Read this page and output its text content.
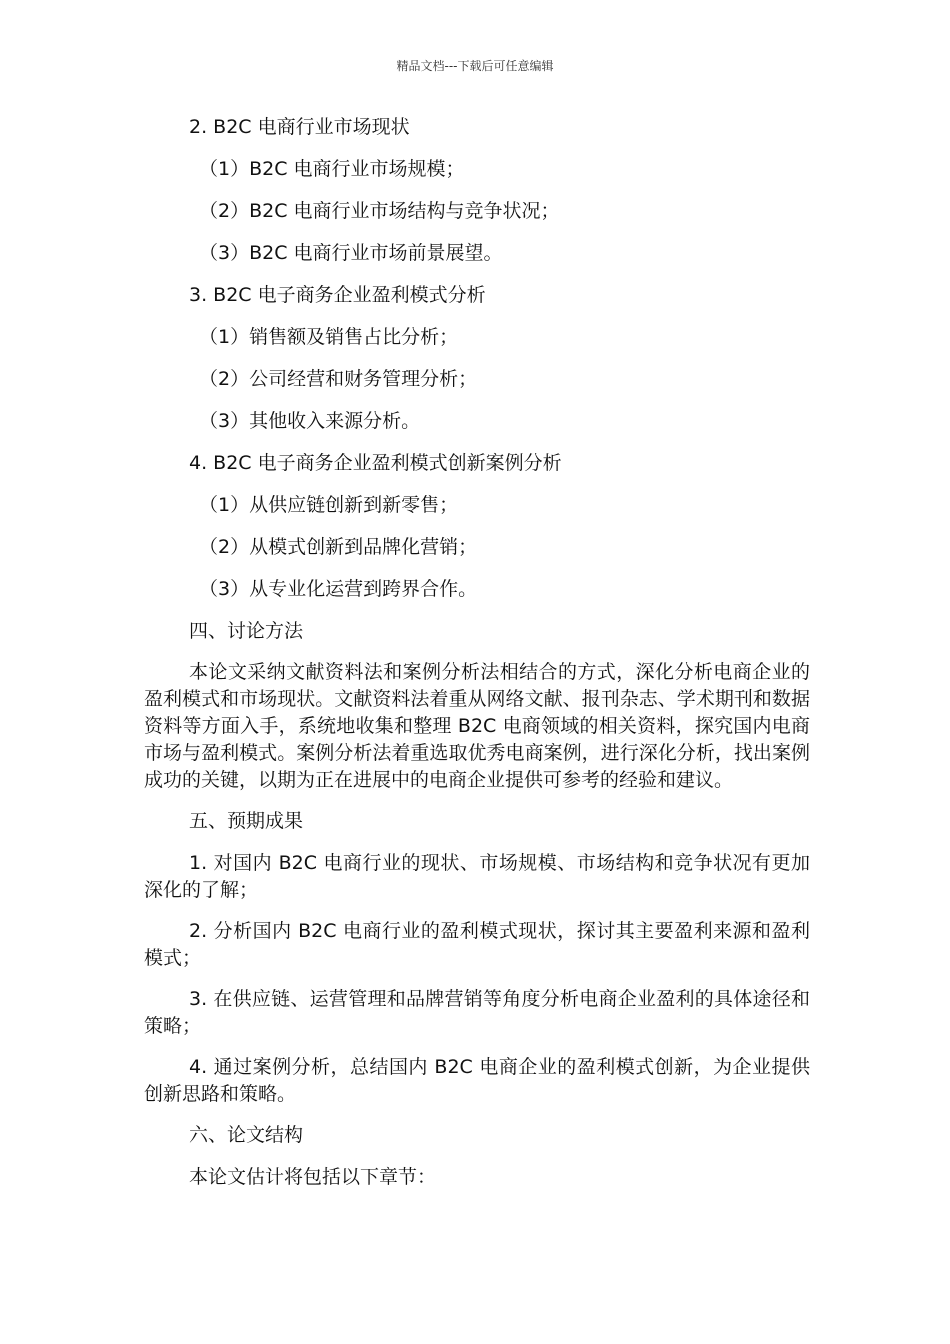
精品文档---下载后可任意编辑
2. B2C 电商行业市场现状
（1）B2C 电商行业市场规模；
（2）B2C 电商行业市场结构与竞争状况；
（3）B2C 电商行业市场前景展望。
3. B2C 电子商务企业盈利模式分析
（1）销售额及销售占比分析；
（2）公司经营和财务管理分析；
（3）其他收入来源分析。
4. B2C 电子商务企业盈利模式创新案例分析
（1）从供应链创新到新零售；
（2）从模式创新到品牌化营销；
（3）从专业化运营到跨界合作。
四、讨论方法
本论文采纳文献资料法和案例分析法相结合的方式，深化分析电商企业的盈利模式和市场现状。文献资料法着重从网络文献、报刊杂志、学术期刊和数据资料等方面入手，系统地收集和整理 B2C 电商领域的相关资料，探究国内电商市场与盈利模式。案例分析法着重选取优秀电商案例，进行深化分析，找出案例成功的关键，以期为正在进展中的电商企业提供可参考的经验和建议。
五、预期成果
1. 对国内 B2C 电商行业的现状、市场规模、市场结构和竞争状况有更加深化的了解；
2. 分析国内 B2C 电商行业的盈利模式现状，探讨其主要盈利来源和盈利模式；
3. 在供应链、运营管理和品牌营销等角度分析电商企业盈利的具体途径和策略；
4. 通过案例分析，总结国内 B2C 电商企业的盈利模式创新，为企业提供创新思路和策略。
六、论文结构
本论文估计将包括以下章节：
